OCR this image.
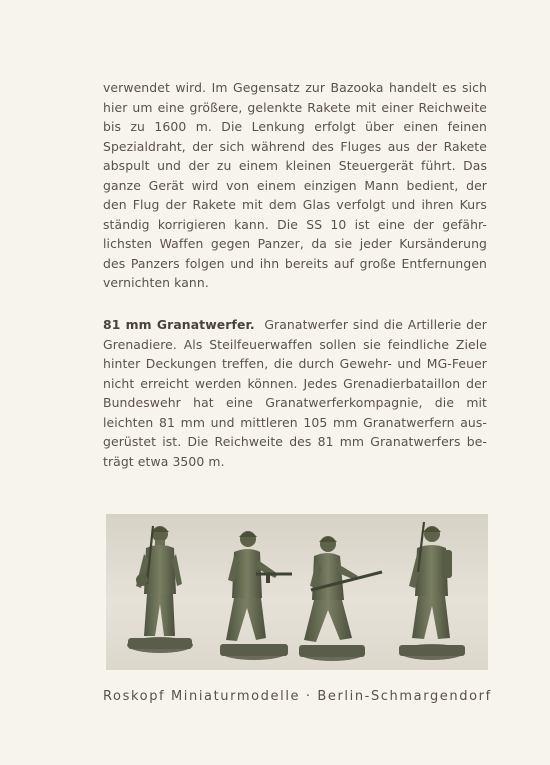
verwendet wird. Im Gegensatz zur Bazooka handelt es sich
hier um eine größere, gelenkte Rakete mit einer Reichweite
bis zu 1600 m. Die Lenkung erfolgt über einen feinen
Spezialdraht, der sich während des Fluges aus der Rakete
abspult und der zu einem kleinen Steuergerät führt. Das
ganze Gerät wird von einem einzigen Mann bedient, der
den Flug der Rakete mit dem Glas verfolgt und ihren Kurs
ständig korrigieren kann. Die SS 10 ist eine der gefähr-
lichsten Waffen gegen Panzer, da sie jeder Kursänderung
des Panzers folgen und ihn bereits auf große Entfernungen
vernichten kann.
81 mm Granatwerfer. Granatwerfer sind die Artillerie der
Grenadiere. Als Steilfeuerwaffen sollen sie feindliche Ziele
hinter Deckungen treffen, die durch Gewehr- und MG-Feuer
nicht erreicht werden können. Jedes Grenadierbataillon der
Bundeswehr hat eine Granatwerferkompagnie, die mit
leichten 81 mm und mittleren 105 mm Granatwerfern aus-
gerüstet ist. Die Reichweite des 81 mm Granatwerfers be-
trägt etwa 3500 m.
Roskopf Miniaturmodelle · Berlin-Schmargendorf
